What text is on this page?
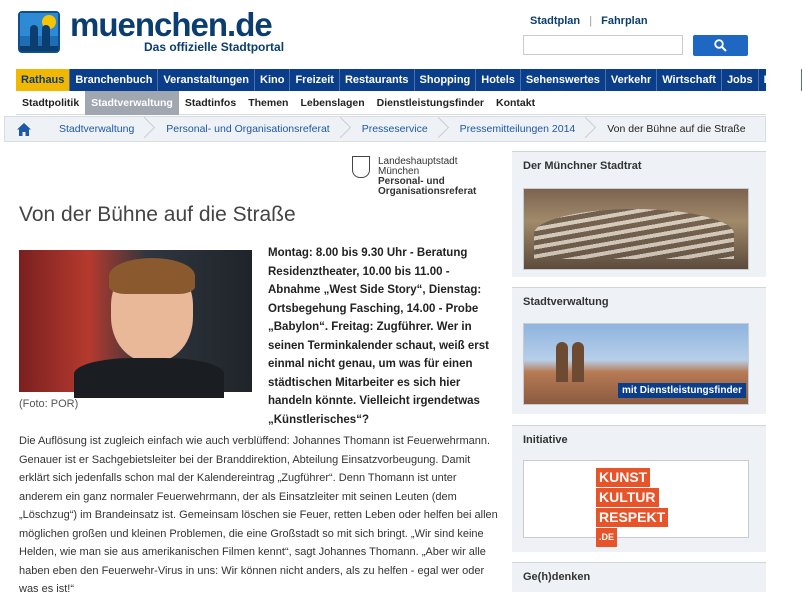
muenchen.de
Das offizielle Stadtportal
Stadtplan | Fahrplan
Rathaus	Branchenbuch	Veranstaltungen	Kino	Freizeit	Restaurants	Shopping	Hotels	Sehenswertes	Verkehr	Wirtschaft	Jobs	Leben
Stadtpolitik	Stadtverwaltung	Stadtinfos	Themen	Lebenslagen	Dienstleistungsfinder	Kontakt
Stadtverwaltung	Personal- und Organisationsreferat	Presseservice	Pressemitteilungen 2014	Von der Bühne auf die Straße
Landeshauptstadt
München
Personal- und
Organisationsreferat
Von der Bühne auf die Straße
(Foto: POR)

Montag: 8.00 bis 9.30 Uhr - Beratung Residenztheater, 10.00 bis 11.00 - Abnahme „West Side Story“, Dienstag: Ortsbegehung Fasching, 14.00 - Probe „Babylon“. Freitag: Zugführer. Wer in seinen Terminkalender schaut, weiß erst einmal nicht genau, um was für einen städtischen Mitarbeiter es sich hier handeln könnte. Vielleicht irgendetwas „Künstlerisches“?

Die Auflösung ist zugleich einfach wie auch verblüffend: Johannes Thomann ist Feuerwehrmann. Genauer ist er Sachgebietsleiter bei der Branddirektion, Abteilung Einsatzvorbeugung. Damit erklärt sich jedenfalls schon mal der Kalendereintrag „Zugführer“. Denn Thomann ist unter anderem ein ganz normaler Feuerwehrmann, der als Einsatzleiter mit seinen Leuten (dem „Löschzug“) im Brandeinsatz ist. Gemeinsam löschen sie Feuer, retten Leben oder helfen bei allen möglichen großen und kleinen Problemen, die eine Großstadt so mit sich bringt. „Wir sind keine Helden, wie man sie aus amerikanischen Filmen kennt“, sagt Johannes Thomann. „Aber wir alle haben eben den Feuerwehr-Virus in uns: Wir können nicht anders, als zu helfen - egal wer oder was es ist!“

Der Münchner Stadtrat
Stadtverwaltung
mit Dienstleistungsfinder
Initiative
KUNST
KULTUR
RESPEKT.DE
Ge(h)denken
